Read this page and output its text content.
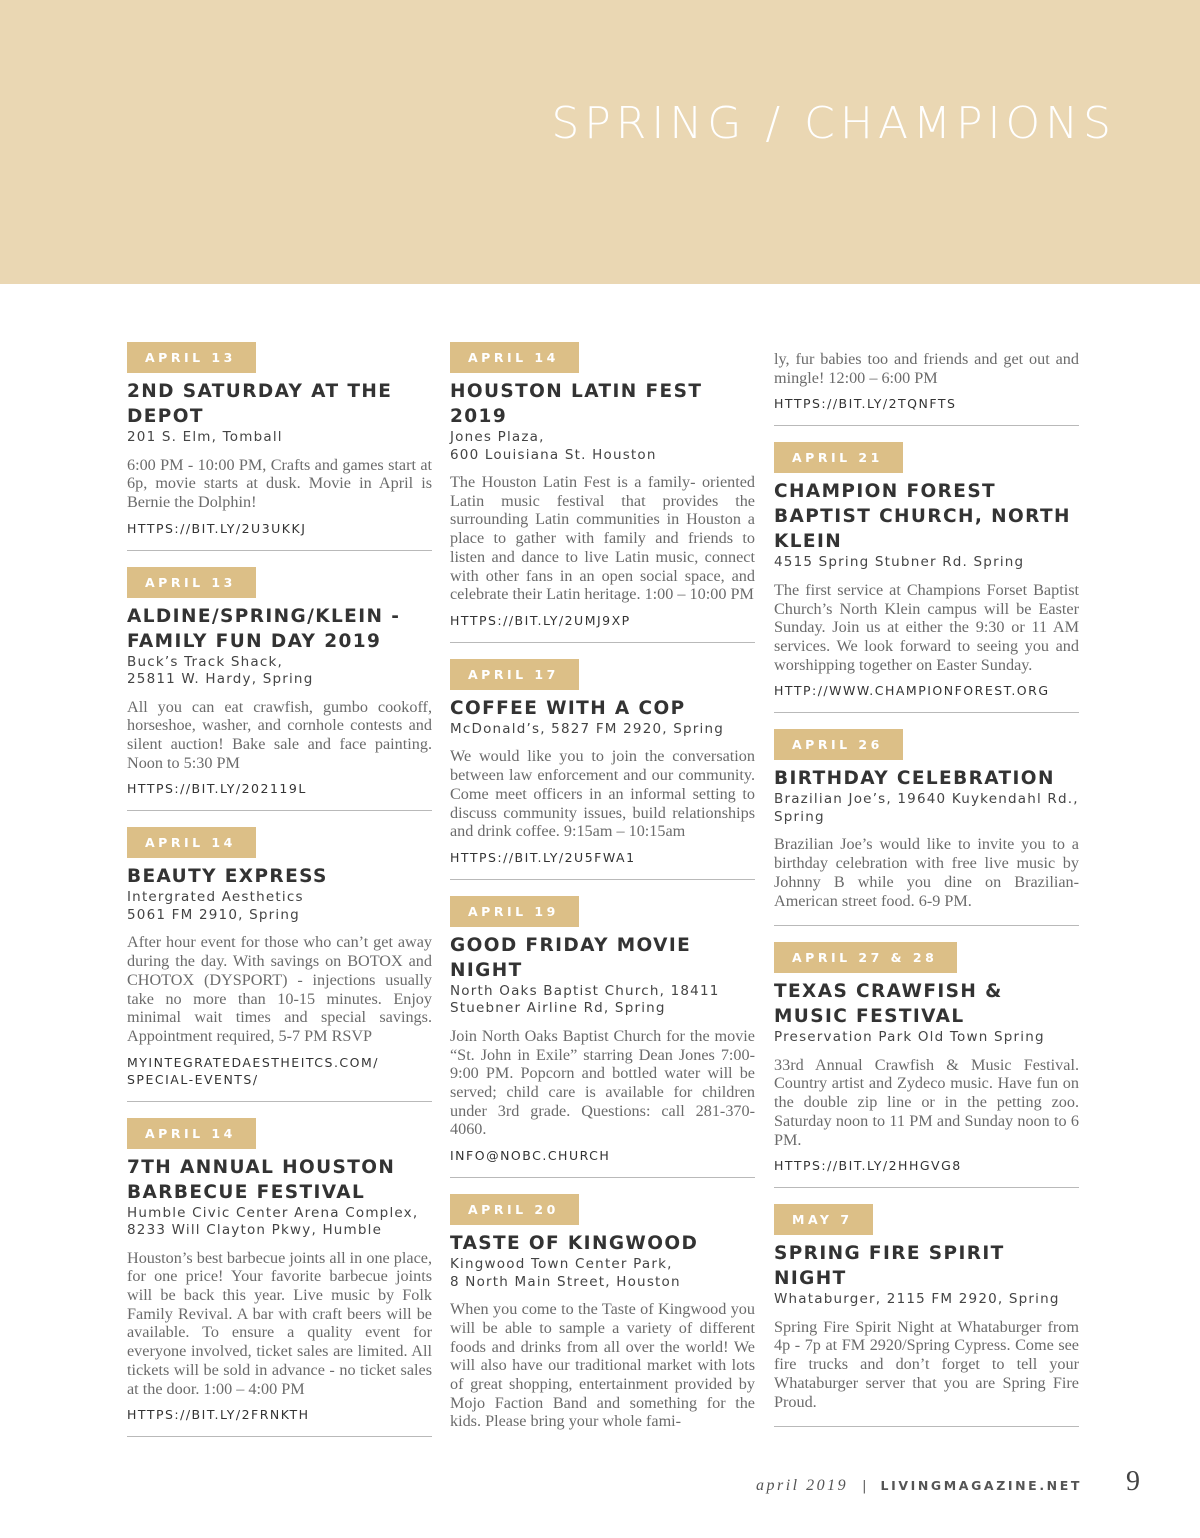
SPRING / CHAMPIONS
APRIL 13
2ND SATURDAY AT THE DEPOT
201 S. Elm, Tomball
6:00 PM - 10:00 PM, Crafts and games start at 6p, movie starts at dusk. Movie in April is Bernie the Dolphin!
HTTPS://BIT.LY/2U3UKKJ
APRIL 13
ALDINE/SPRING/KLEIN - FAMILY FUN DAY 2019
Buck’s Track Shack,
25811 W. Hardy, Spring
All you can eat crawfish, gumbo cookoff, horseshoe, washer, and cornhole contests and silent auction! Bake sale and face painting. Noon to 5:30 PM
HTTPS://BIT.LY/202119L
APRIL 14
BEAUTY EXPRESS
Intergrated Aesthetics
5061 FM 2910, Spring
After hour event for those who can’t get away during the day. With savings on BOTOX and CHOTOX (DYSPORT) - injections usually take no more than 10-15 minutes. Enjoy minimal wait times and special savings. Appointment required, 5-7 PM RSVP
MYINTEGRATEDAESTHEITCS.COM/
SPECIAL-EVENTS/
APRIL 14
7TH ANNUAL HOUSTON BARBECUE FESTIVAL
Humble Civic Center Arena Complex,
8233 Will Clayton Pkwy, Humble
Houston’s best barbecue joints all in one place, for one price! Your favorite barbecue joints will be back this year. Live music by Folk Family Revival. A bar with craft beers will be available. To ensure a quality event for everyone involved, ticket sales are limited. All tickets will be sold in advance - no ticket sales at the door. 1:00 – 4:00 PM
HTTPS://BIT.LY/2FRNKTH
APRIL 14
HOUSTON LATIN FEST 2019
Jones Plaza,
600 Louisiana St. Houston
The Houston Latin Fest is a family- oriented Latin music festival that provides the surrounding Latin communities in Houston a place to gather with family and friends to listen and dance to live Latin music, connect with other fans in an open social space, and celebrate their Latin heritage. 1:00 – 10:00 PM
HTTPS://BIT.LY/2UMJ9XP
APRIL 17
COFFEE WITH A COP
McDonald’s, 5827 FM 2920, Spring
We would like you to join the conversation between law enforcement and our community. Come meet officers in an informal setting to discuss community issues, build relationships and drink coffee. 9:15am – 10:15am
HTTPS://BIT.LY/2U5FWA1
APRIL 19
GOOD FRIDAY MOVIE NIGHT
North Oaks Baptist Church, 18411
Stuebner Airline Rd, Spring
Join North Oaks Baptist Church for the movie “St. John in Exile” starring Dean Jones 7:00-9:00 PM. Popcorn and bottled water will be served; child care is available for children under 3rd grade. Questions: call 281-370-4060.
INFO@NOBC.CHURCH
APRIL 20
TASTE OF KINGWOOD
Kingwood Town Center Park,
8 North Main Street, Houston
When you come to the Taste of Kingwood you will be able to sample a variety of different foods and drinks from all over the world! We will also have our traditional market with lots of great shopping, entertainment provided by Mojo Faction Band and something for the kids. Please bring your whole fami-
ly, fur babies too and friends and get out and mingle! 12:00 – 6:00 PM
HTTPS://BIT.LY/2TQNFTS
APRIL 21
CHAMPION FOREST BAPTIST CHURCH, NORTH KLEIN
4515 Spring Stubner Rd. Spring
The first service at Champions Forset Baptist Church’s North Klein campus will be Easter Sunday. Join us at either the 9:30 or 11 AM services. We look forward to seeing you and worshipping together on Easter Sunday.
HTTP://WWW.CHAMPIONFOREST.ORG
APRIL 26
BIRTHDAY CELEBRATION
Brazilian Joe’s, 19640 Kuykendahl Rd., Spring
Brazilian Joe’s would like to invite you to a birthday celebration with free live music by Johnny B while you dine on Brazilian-American street food. 6-9 PM.
APRIL 27 & 28
TEXAS CRAWFISH & MUSIC FESTIVAL
Preservation Park Old Town Spring
33rd Annual Crawfish & Music Festival. Country artist and Zydeco music. Have fun on the double zip line or in the petting zoo. Saturday noon to 11 PM and Sunday noon to 6 PM.
HTTPS://BIT.LY/2HHGVG8
MAY 7
SPRING FIRE SPIRIT NIGHT
Whataburger, 2115 FM 2920, Spring
Spring Fire Spirit Night at Whataburger from 4p - 7p at FM 2920/Spring Cypress. Come see fire trucks and don’t forget to tell your Whataburger server that you are Spring Fire Proud.
april 2019 | LIVINGMAGAZINE.NET 9
